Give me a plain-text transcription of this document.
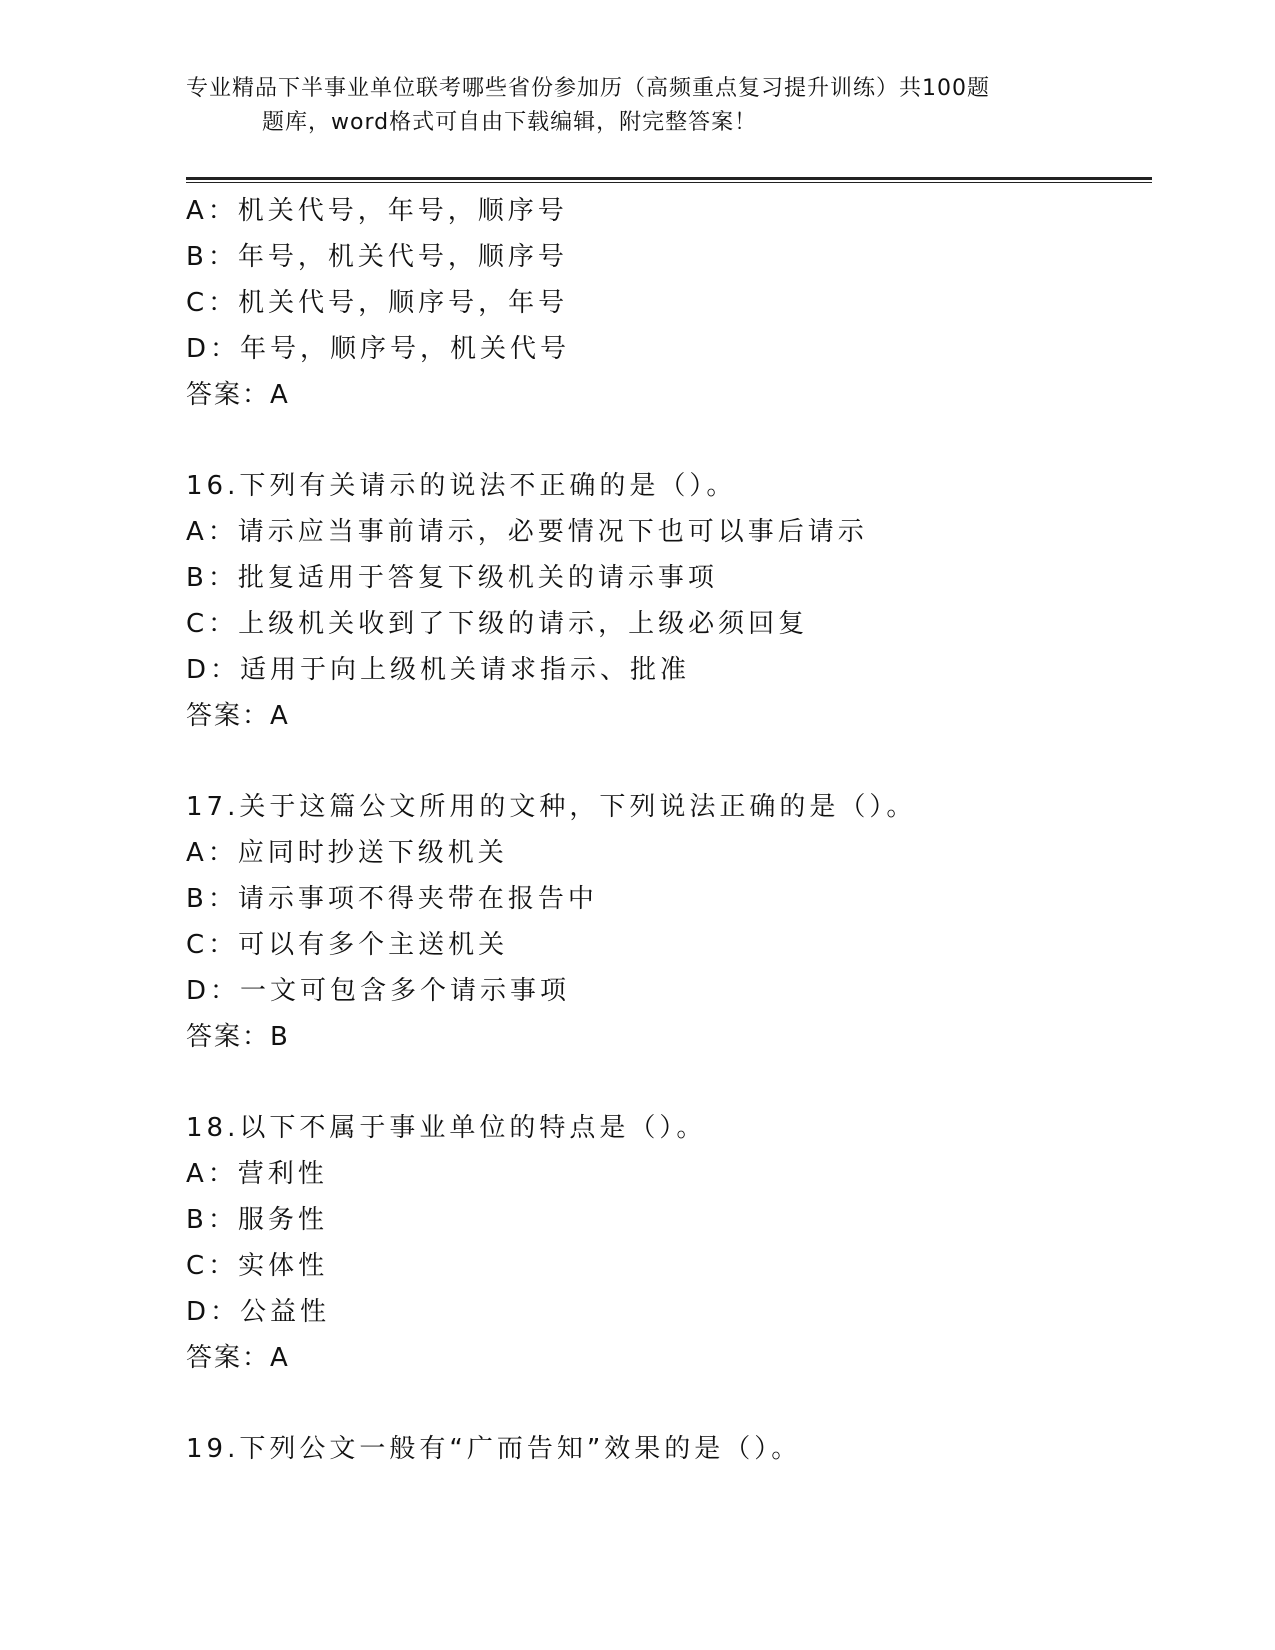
专业精品下半事业单位联考哪些省份参加历（高频重点复习提升训练）共100题
题库，word格式可自由下载编辑，附完整答案！
A：机关代号，年号，顺序号
B：年号，机关代号，顺序号
C：机关代号，顺序号，年号
D：年号，顺序号，机关代号
答案：A
16.下列有关请示的说法不正确的是（）。
A：请示应当事前请示，必要情况下也可以事后请示
B：批复适用于答复下级机关的请示事项
C：上级机关收到了下级的请示，上级必须回复
D：适用于向上级机关请求指示、批准
答案：A
17.关于这篇公文所用的文种，下列说法正确的是（）。
A：应同时抄送下级机关
B：请示事项不得夹带在报告中
C：可以有多个主送机关
D：一文可包含多个请示事项
答案：B
18.以下不属于事业单位的特点是（）。
A：营利性
B：服务性
C：实体性
D：公益性
答案：A
19.下列公文一般有“广而告知”效果的是（）。
